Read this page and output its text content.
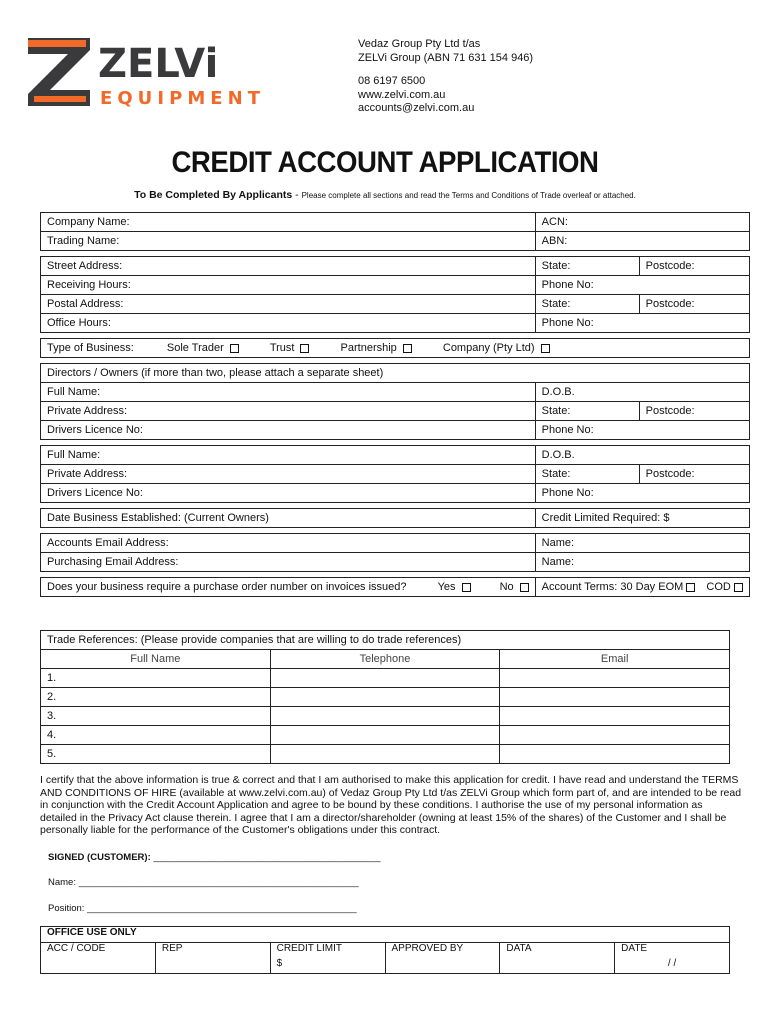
ZELVi
EQUIPMENT
Vedaz Group Pty Ltd t/as
ZELVi Group (ABN 71 631 154 946)
08 6197 6500
www.zelvi.com.au
accounts@zelvi.com.au
CREDIT ACCOUNT APPLICATION
To Be Completed By Applicants - Please complete all sections and read the Terms and Conditions of Trade overleaf or attached.
Company Name:	ACN:	
Trading Name:	ABN:	

Street Address:	State:	Postcode:
Receiving Hours:	Phone No:	
Postal Address:	State:	Postcode:
Office Hours:	Phone No:	

Type of Business: Sole Trader Trust Partnership Company (Pty Ltd)		

Directors / Owners (if more than two, please attach a separate sheet)		
Full Name:	D.O.B.	
Private Address:	State:	Postcode:
Drivers Licence No:	Phone No:	

Full Name:	D.O.B.	
Private Address:	State:	Postcode:
Drivers Licence No:	Phone No:	

Date Business Established: (Current Owners)	Credit Limited Required: $	

Accounts Email Address:	Name:	
Purchasing Email Address:	Name:	

Does your business require a purchase order number on invoices issued? Yes No	Account Terms: 30 Day EOM COD	
Trade References: (Please provide companies that are willing to do trade references)		
Full Name	Telephone	Email
1.		
2.		
3.		
4.		
5.		
I certify that the above information is true & correct and that I am authorised to make this application for credit. I have read and understand the TERMS AND CONDITIONS OF HIRE (available at www.zelvi.com.au) of Vedaz Group Pty Ltd t/as ZELVi Group which form part of, and are intended to be read in conjunction with the Credit Account Application and agree to be bound by these conditions. I authorise the use of my personal information as detailed in the Privacy Act clause therein. I agree that I am a director/shareholder (owning at least 15% of the shares) of the Customer and I shall be personally liable for the performance of the Customer's obligations under this contract.
SIGNED (CUSTOMER): ___________________________________________
Name: _____________________________________________________
Position: ___________________________________________________
OFFICE USE ONLY					
ACC / CODE	REP	CREDIT LIMIT	APPROVED BY	DATA	DATE
		$			/ /
